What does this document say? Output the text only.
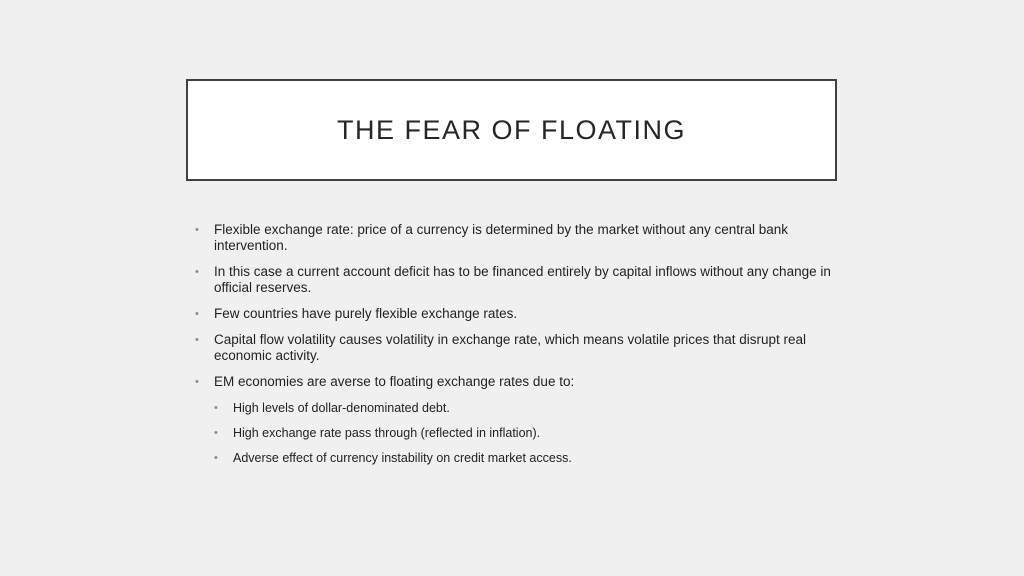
THE FEAR OF FLOATING
• Flexible exchange rate: price of a currency is determined by the market without any central bank intervention.
• In this case a current account deficit has to be financed entirely by capital inflows without any change in official reserves.
• Few countries have purely flexible exchange rates.
• Capital flow volatility causes volatility in exchange rate, which means volatile prices that disrupt real economic activity.
• EM economies are averse to floating exchange rates due to:
• High levels of dollar-denominated debt.
• High exchange rate pass through (reflected in inflation).
• Adverse effect of currency instability on credit market access.
